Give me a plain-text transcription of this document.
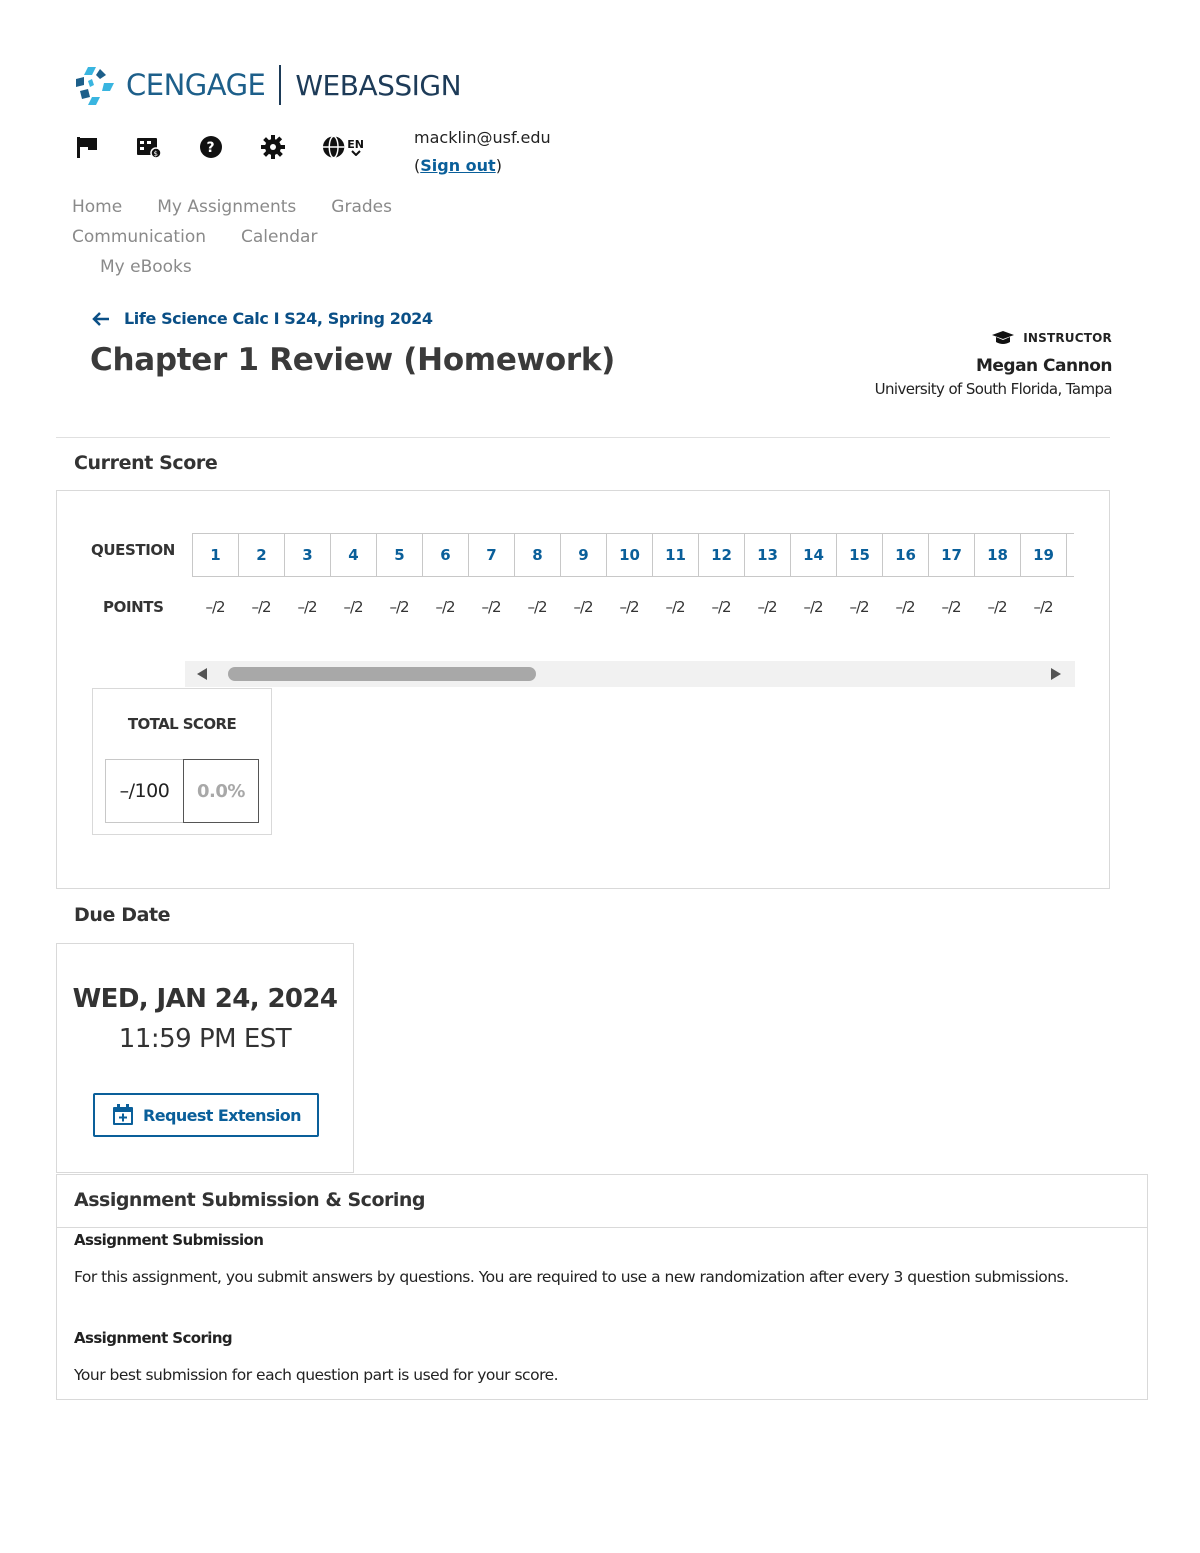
CENGAGE WEBASSIGN
$	?	EN	macklin@usf.edu
(Sign out)
Home My Assignments Grades
Communication Calendar
My eBooks
Life Science Calc I S24, Spring 2024
Chapter 1 Review (Homework)
INSTRUCTOR
Megan Cannon
University of South Florida, Tampa
Current Score
QUESTION
POINTS
1	2	3	4	5	6	7	8	9	10	11	12	13	14	15	16	17	18	19
–/2	–/2	–/2	–/2	–/2	–/2	–/2	–/2	–/2	–/2	–/2	–/2	–/2	–/2	–/2	–/2	–/2	–/2	–/2
TOTAL SCORE
–/100	0.0%
Due Date
WED, JAN 24, 2024
11:59 PM EST
Request Extension
Assignment Submission & Scoring
Assignment Submission
For this assignment, you submit answers by questions. You are required to use a new randomization after every 3 question submissions.
Assignment Scoring
Your best submission for each question part is used for your score.
